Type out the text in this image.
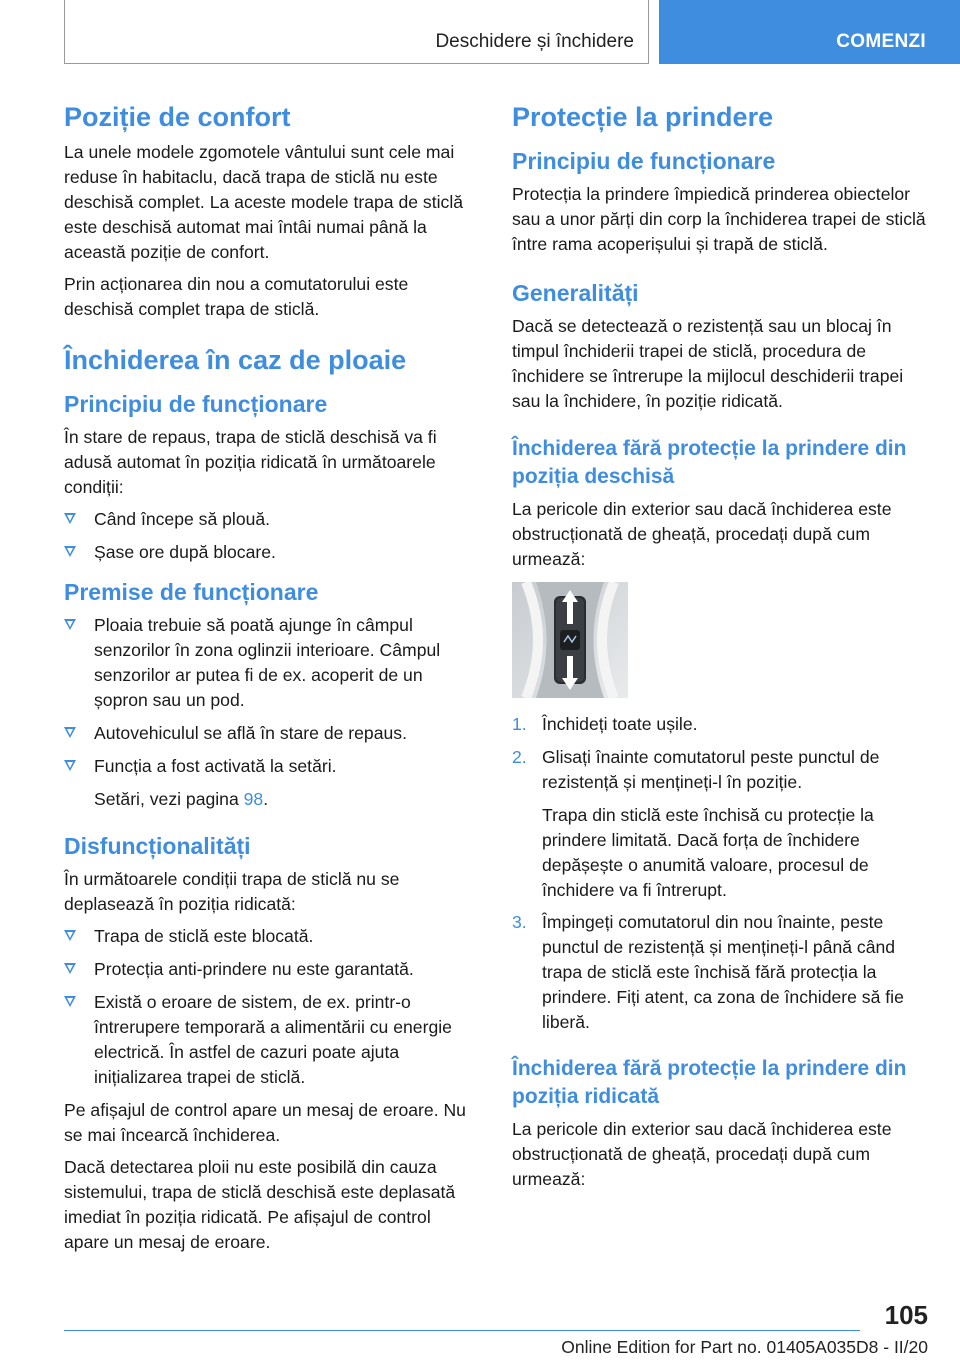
Deschidere și închidere	COMENZI
Poziție de confort

La unele modele zgomotele vântului sunt cele mai reduse în habitaclu, dacă trapa de sticlă nu este deschisă complet. La aceste modele trapa de sticlă este deschisă automat mai întâi numai până la această poziție de confort.

Prin acționarea din nou a comutatorului este deschisă complet trapa de sticlă.

Închiderea în caz de ploaie
Principiu de funcționare

În stare de repaus, trapa de sticlă deschisă va fi adusă automat în poziția ridicată în următoarele condiții:

Când începe să plouă.
Șase ore după blocare.
Premise de funcționare
Ploaia trebuie să poată ajunge în câmpul senzorilor în zona oglinzii interioare. Câmpul senzorilor ar putea fi de ex. acoperit de un șopron sau un pod.
Autovehiculul se află în stare de repaus.
Funcția a fost activată la setări.

Setări, vezi pagina 98.

Disfuncționalități

În următoarele condiții trapa de sticlă nu se deplasează în poziția ridicată:

Trapa de sticlă este blocată.
Protecția anti-prindere nu este garantată.
Există o eroare de sistem, de ex. printr-o întrerupere temporară a alimentării cu energie electrică. În astfel de cazuri poate ajuta inițializarea trapei de sticlă.

Pe afișajul de control apare un mesaj de eroare. Nu se mai încearcă închiderea.

Dacă detectarea ploii nu este posibilă din cauza sistemului, trapa de sticlă deschisă este deplasată imediat în poziția ridicată. Pe afișajul de control apare un mesaj de eroare.

Protecție la prindere
Principiu de funcționare

Protecția la prindere împiedică prinderea obiectelor sau a unor părți din corp la închiderea trapei de sticlă între rama acoperișului și trapă de sticlă.

Generalități

Dacă se detectează o rezistență sau un blocaj în timpul închiderii trapei de sticlă, procedura de închidere se întrerupe la mijlocul deschiderii trapei sau la închidere, în poziție ridicată.

Închiderea fără protecție la prindere din poziția deschisă

La pericole din exterior sau dacă închiderea este obstrucționată de gheață, procedați după cum urmează:

1. Închideți toate ușile.
2. Glisați înainte comutatorul peste punctul de rezistență și mențineți-l în poziție.

Trapa din sticlă este închisă cu protecție la prindere limitată. Dacă forța de închidere depășește o anumită valoare, procesul de închidere va fi întrerupt.

3. Împingeți comutatorul din nou înainte, peste punctul de rezistență și mențineți-l până când trapa de sticlă este închisă fără protecția la prindere. Fiți atent, ca zona de închidere să fie liberă.
Închiderea fără protecție la prindere din poziția ridicată

La pericole din exterior sau dacă închiderea este obstrucționată de gheață, procedați după cum urmează:

105
Online Edition for Part no. 01405A035D8 - II/20
